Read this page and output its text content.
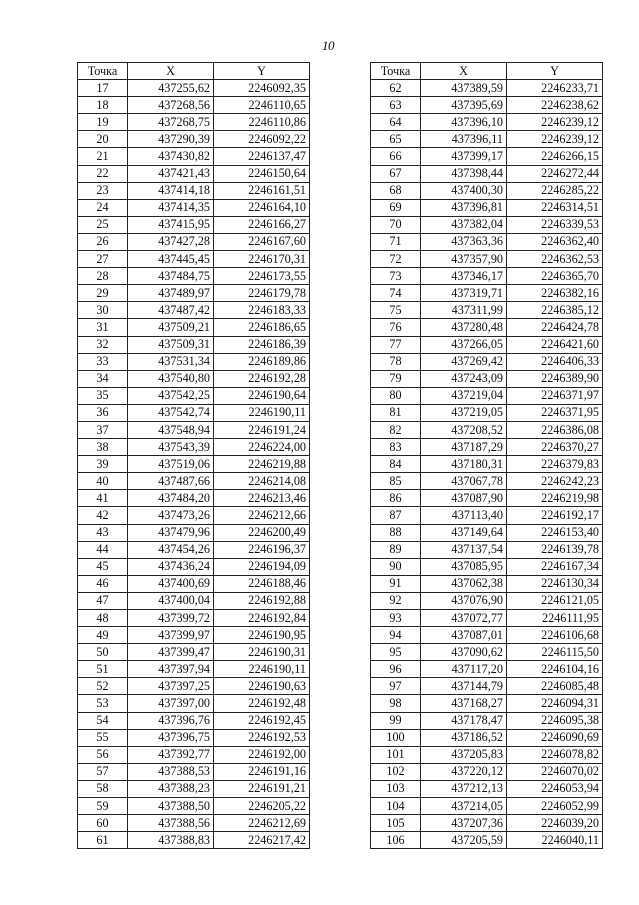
10
Точка	X	Y
17	437255,62	2246092,35
18	437268,56	2246110,65
19	437268,75	2246110,86
20	437290,39	2246092,22
21	437430,82	2246137,47
22	437421,43	2246150,64
23	437414,18	2246161,51
24	437414,35	2246164,10
25	437415,95	2246166,27
26	437427,28	2246167,60
27	437445,45	2246170,31
28	437484,75	2246173,55
29	437489,97	2246179,78
30	437487,42	2246183,33
31	437509,21	2246186,65
32	437509,31	2246186,39
33	437531,34	2246189,86
34	437540,80	2246192,28
35	437542,25	2246190,64
36	437542,74	2246190,11
37	437548,94	2246191,24
38	437543,39	2246224,00
39	437519,06	2246219,88
40	437487,66	2246214,08
41	437484,20	2246213,46
42	437473,26	2246212,66
43	437479,96	2246200,49
44	437454,26	2246196,37
45	437436,24	2246194,09
46	437400,69	2246188,46
47	437400,04	2246192,88
48	437399,72	2246192,84
49	437399,97	2246190,95
50	437399,47	2246190,31
51	437397,94	2246190,11
52	437397,25	2246190,63
53	437397,00	2246192,48
54	437396,76	2246192,45
55	437396,75	2246192,53
56	437392,77	2246192,00
57	437388,53	2246191,16
58	437388,23	2246191,21
59	437388,50	2246205,22
60	437388,56	2246212,69
61	437388,83	2246217,42
Точка	X	Y
62	437389,59	2246233,71
63	437395,69	2246238,62
64	437396,10	2246239,12
65	437396,11	2246239,12
66	437399,17	2246266,15
67	437398,44	2246272,44
68	437400,30	2246285,22
69	437396,81	2246314,51
70	437382,04	2246339,53
71	437363,36	2246362,40
72	437357,90	2246362,53
73	437346,17	2246365,70
74	437319,71	2246382,16
75	437311,99	2246385,12
76	437280,48	2246424,78
77	437266,05	2246421,60
78	437269,42	2246406,33
79	437243,09	2246389,90
80	437219,04	2246371,97
81	437219,05	2246371,95
82	437208,52	2246386,08
83	437187,29	2246370,27
84	437180,31	2246379,83
85	437067,78	2246242,23
86	437087,90	2246219,98
87	437113,40	2246192,17
88	437149,64	2246153,40
89	437137,54	2246139,78
90	437085,95	2246167,34
91	437062,38	2246130,34
92	437076,90	2246121,05
93	437072,77	2246111,95
94	437087,01	2246106,68
95	437090,62	2246115,50
96	437117,20	2246104,16
97	437144,79	2246085,48
98	437168,27	2246094,31
99	437178,47	2246095,38
100	437186,52	2246090,69
101	437205,83	2246078,82
102	437220,12	2246070,02
103	437212,13	2246053,94
104	437214,05	2246052,99
105	437207,36	2246039,20
106	437205,59	2246040,11
